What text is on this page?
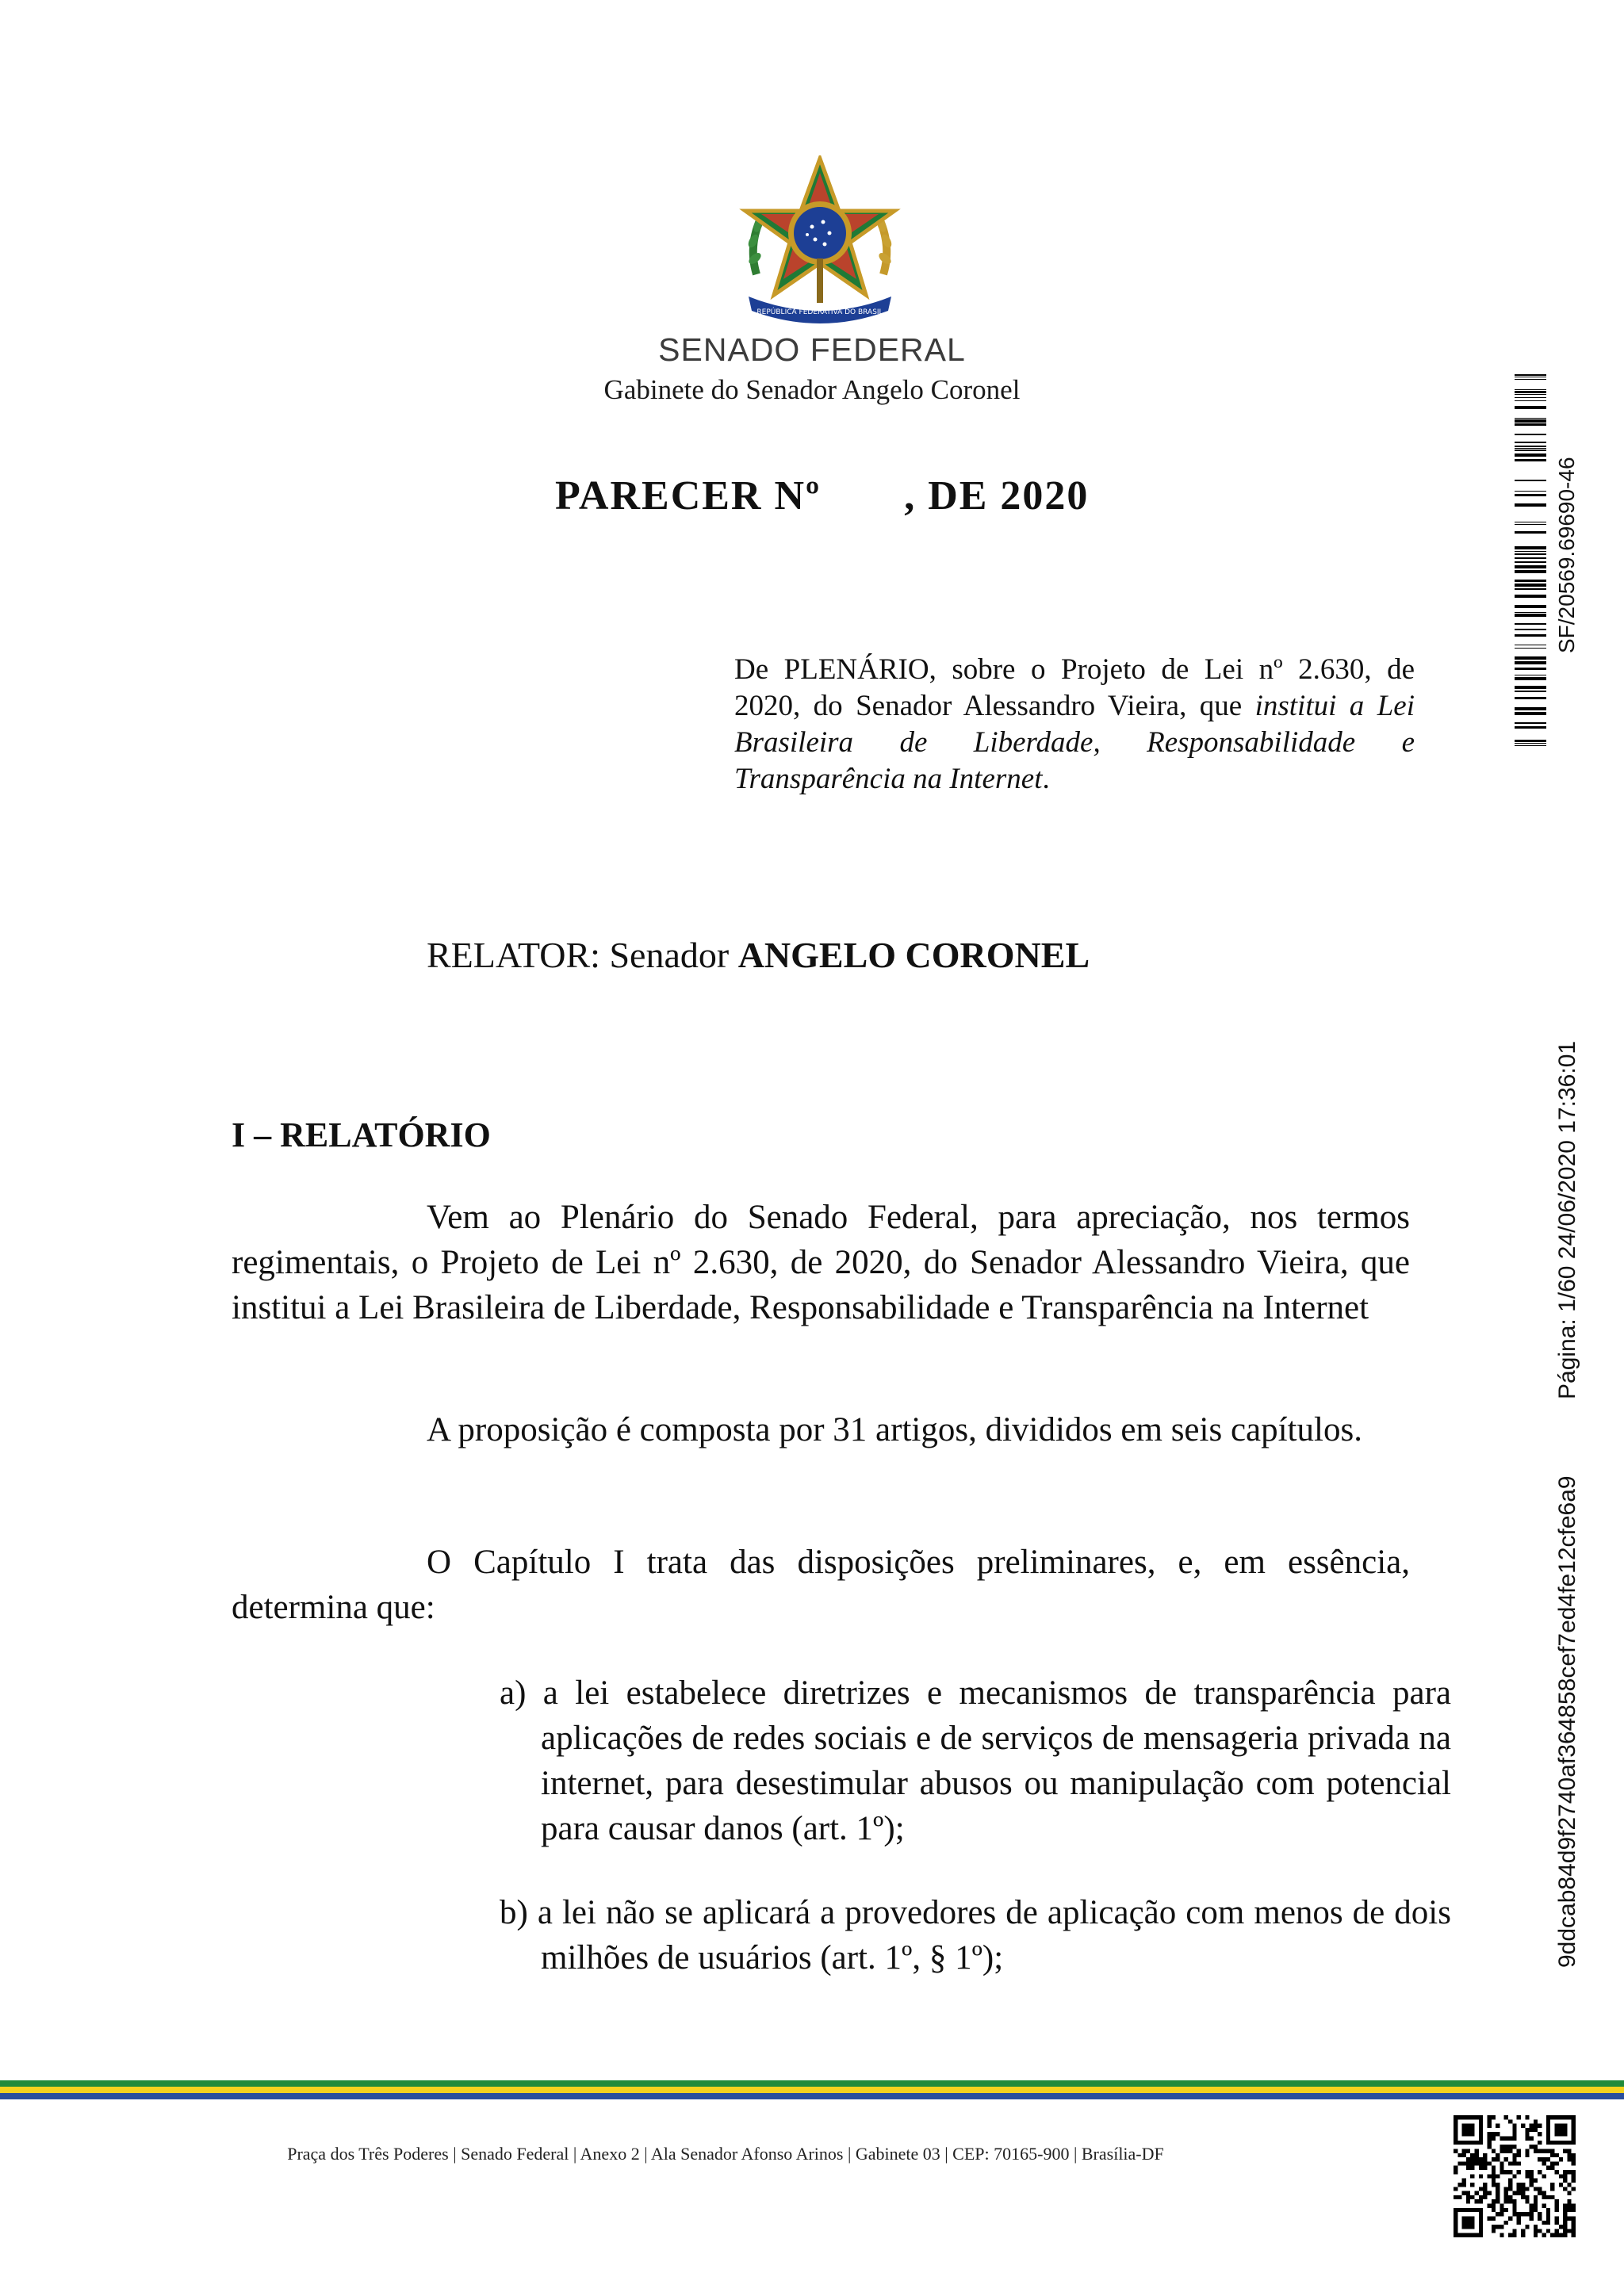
REPÚBLICA FEDERATIVA DO BRASIL
SENADO FEDERAL
Gabinete do Senador Angelo Coronel
PARECER Nº       , DE 2020
De PLENÁRIO, sobre o Projeto de Lei nº 2.630, de 2020, do Senador Alessandro Vieira, que institui a Lei Brasileira de Liberdade, Responsabilidade e Transparência na Internet.
RELATOR: Senador ANGELO CORONEL
I – RELATÓRIO
Vem ao Plenário do Senado Federal, para apreciação, nos termos regimentais, o Projeto de Lei nº 2.630, de 2020, do Senador Alessandro Vieira, que institui a Lei Brasileira de Liberdade, Responsabilidade e Transparência na Internet
A proposição é composta por 31 artigos, divididos em seis capítulos.
O Capítulo I trata das disposições preliminares, e, em essência, determina que:
a) a lei estabelece diretrizes e mecanismos de transparência para aplicações de redes sociais e de serviços de mensageria privada na internet, para desestimular abusos ou manipulação com potencial para causar danos (art. 1º);
b) a lei não se aplicará a provedores de aplicação com menos de dois milhões de usuários (art. 1º, § 1º);
SF/20569.69690-46
Página: 1/60 24/06/2020 17:36:01
9ddcab84d9f2740af364858cef7ed4fe12cfe6a9
Praça dos Três Poderes | Senado Federal | Anexo 2 | Ala Senador Afonso Arinos | Gabinete 03 | CEP: 70165-900 | Brasília-DF
